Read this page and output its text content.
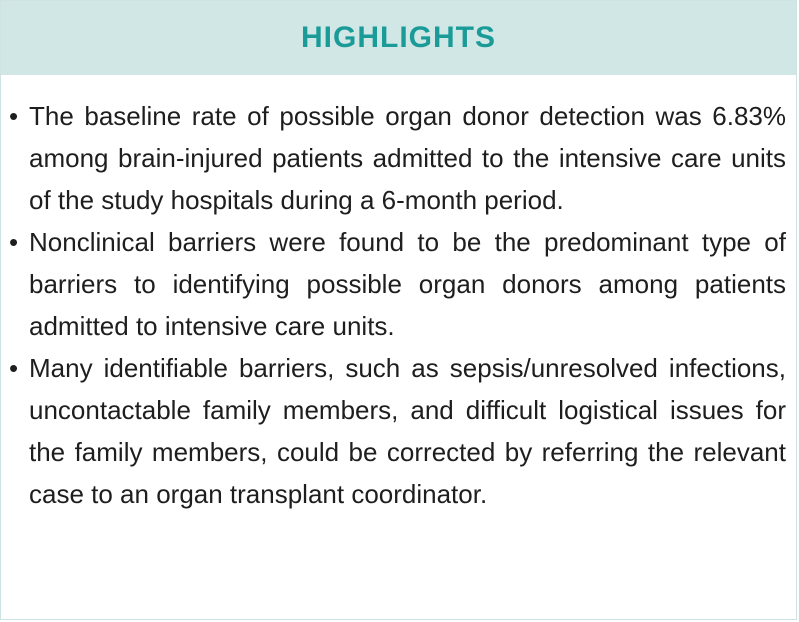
HIGHLIGHTS
• The baseline rate of possible organ donor detection was 6.83% among brain-injured patients admitted to the intensive care units of the study hospitals during a 6-month period.
• Nonclinical barriers were found to be the predominant type of barriers to identifying possible organ donors among patients admitted to intensive care units.
• Many identifiable barriers, such as sepsis/unresolved infections, uncontactable family members, and difficult logistical issues for the family members, could be corrected by referring the relevant case to an organ transplant coordinator.
